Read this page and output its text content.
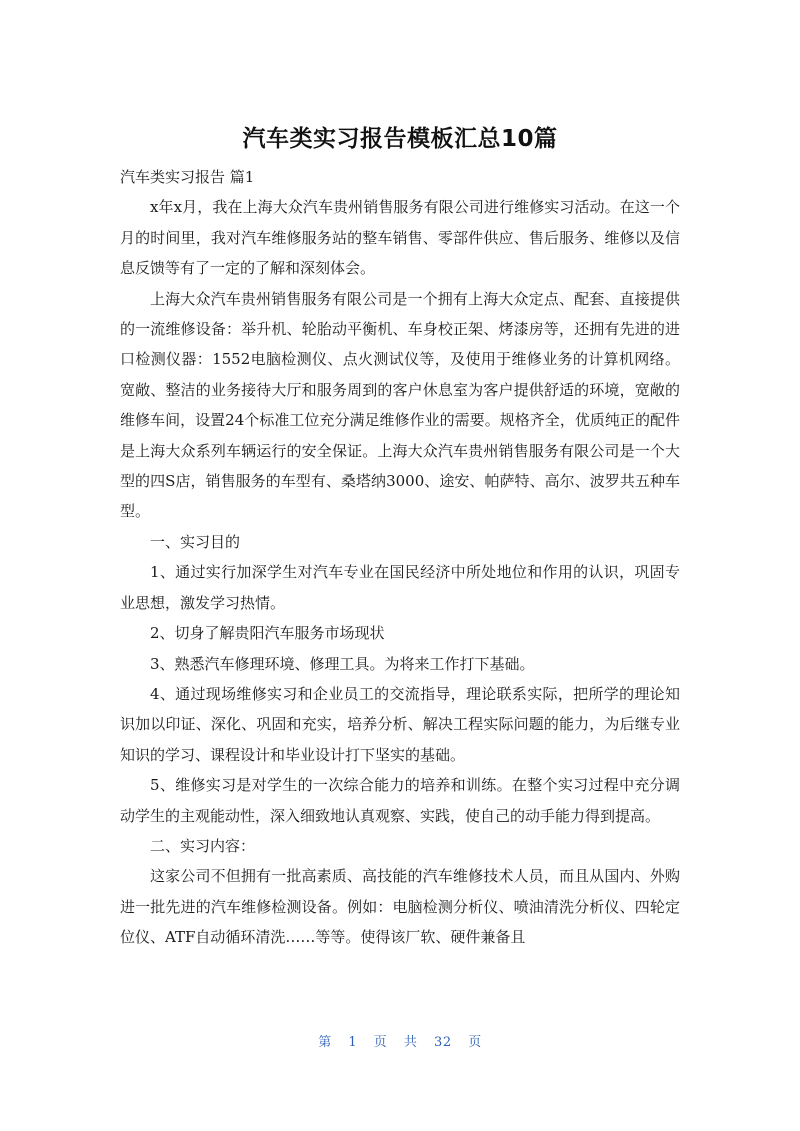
汽车类实习报告模板汇总10篇

汽车类实习报告 篇1

x年x月，我在上海大众汽车贵州销售服务有限公司进行维修实习活动。在这一个月的时间里，我对汽车维修服务站的整车销售、零部件供应、售后服务、维修以及信息反馈等有了一定的了解和深刻体会。

上海大众汽车贵州销售服务有限公司是一个拥有上海大众定点、配套、直接提供的一流维修设备：举升机、轮胎动平衡机、车身校正架、烤漆房等，还拥有先进的进口检测仪器：1552电脑检测仪、点火测试仪等，及使用于维修业务的计算机网络。宽敞、整洁的业务接待大厅和服务周到的客户休息室为客户提供舒适的环境，宽敞的维修车间，设置24个标准工位充分满足维修作业的需要。规格齐全，优质纯正的配件是上海大众系列车辆运行的安全保证。上海大众汽车贵州销售服务有限公司是一个大型的四S店，销售服务的车型有、桑塔纳3000、途安、帕萨特、高尔、波罗共五种车型。

一、实习目的

1、通过实行加深学生对汽车专业在国民经济中所处地位和作用的认识，巩固专业思想，激发学习热情。

2、切身了解贵阳汽车服务市场现状

3、熟悉汽车修理环境、修理工具。为将来工作打下基础。

4、通过现场维修实习和企业员工的交流指导，理论联系实际，把所学的理论知识加以印证、深化、巩固和充实，培养分析、解决工程实际问题的能力，为后继专业知识的学习、课程设计和毕业设计打下坚实的基础。

5、维修实习是对学生的一次综合能力的培养和训练。在整个实习过程中充分调动学生的主观能动性，深入细致地认真观察、实践，使自己的动手能力得到提高。

二、实习内容：

这家公司不但拥有一批高素质、高技能的汽车维修技术人员，而且从国内、外购进一批先进的汽车维修检测设备。例如：电脑检测分析仪、喷油清洗分析仪、四轮定位仪、ATF自动循环清洗……等等。使得该厂软、硬件兼备且

第 1 页 共 32 页
